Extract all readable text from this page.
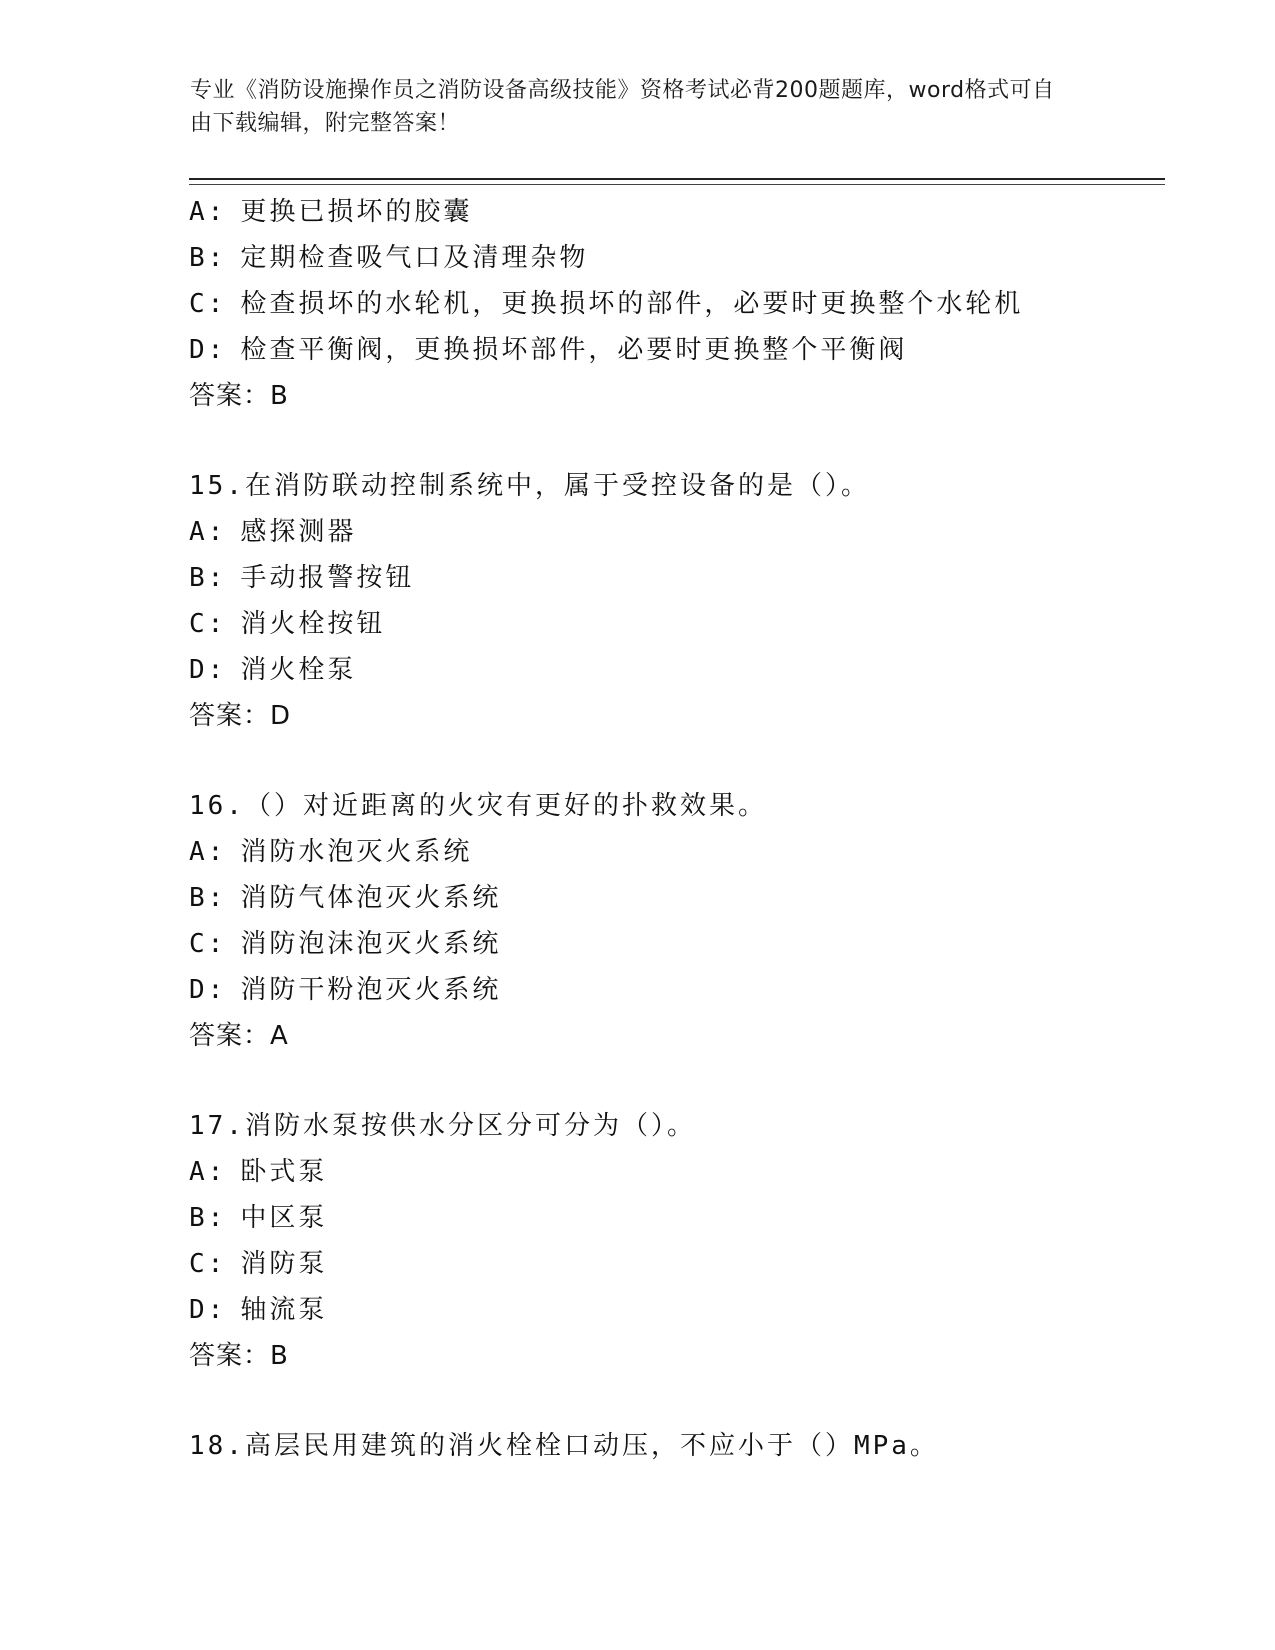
专业《消防设施操作员之消防设备高级技能》资格考试必背200题题库，word格式可自由下载编辑，附完整答案！
A: 更换已损坏的胶囊
B: 定期检查吸气口及清理杂物
C: 检查损坏的水轮机，更换损坏的部件，必要时更换整个水轮机
D: 检查平衡阀，更换损坏部件，必要时更换整个平衡阀
答案：B
15.在消防联动控制系统中，属于受控设备的是（）。
A: 感探测器
B: 手动报警按钮
C: 消火栓按钮
D: 消火栓泵
答案：D
16.（）对近距离的火灾有更好的扑救效果。
A: 消防水泡灭火系统
B: 消防气体泡灭火系统
C: 消防泡沫泡灭火系统
D: 消防干粉泡灭火系统
答案：A
17.消防水泵按供水分区分可分为（）。
A: 卧式泵
B: 中区泵
C: 消防泵
D: 轴流泵
答案：B
18.高层民用建筑的消火栓栓口动压，不应小于（）MPa。
